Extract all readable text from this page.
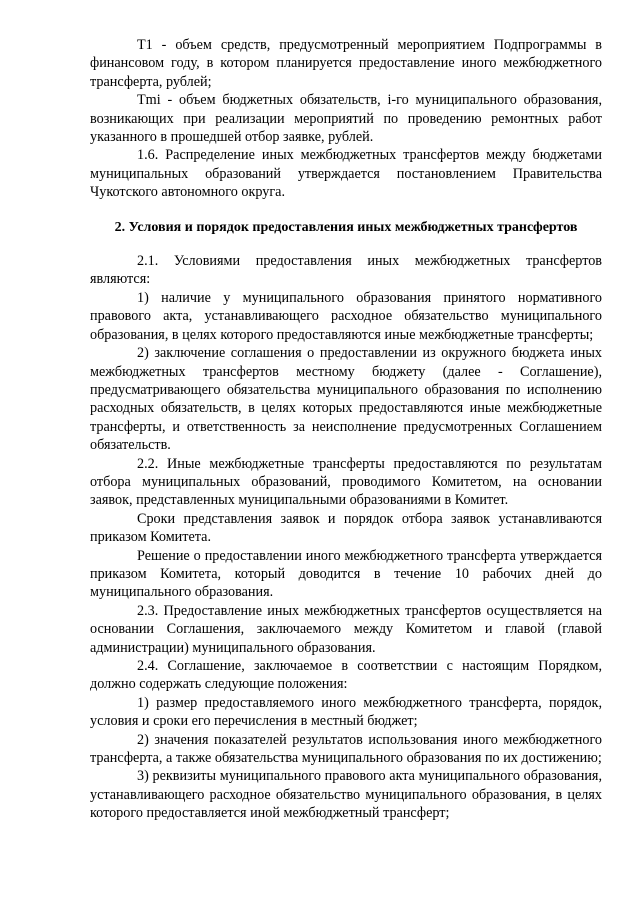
T1 - объем средств, предусмотренный мероприятием Подпрограммы в финансовом году, в котором планируется предоставление иного межбюджетного трансферта, рублей;

Tmi - объем бюджетных обязательств, i-го муниципального образования, возникающих при реализации мероприятий по проведению ремонтных работ указанного в прошедшей отбор заявке, рублей.

1.6. Распределение иных межбюджетных трансфертов между бюджетами муниципальных образований утверждается постановлением Правительства Чукотского автономного округа.

2. Условия и порядок предоставления иных межбюджетных трансфертов

2.1. Условиями предоставления иных межбюджетных трансфертов являются:

1) наличие у муниципального образования принятого нормативного правового акта, устанавливающего расходное обязательство муниципального образования, в целях которого предоставляются иные межбюджетные трансферты;

2) заключение соглашения о предоставлении из окружного бюджета иных межбюджетных трансфертов местному бюджету (далее - Соглашение), предусматривающего обязательства муниципального образования по исполнению расходных обязательств, в целях которых предоставляются иные межбюджетные трансферты, и ответственность за неисполнение предусмотренных Соглашением обязательств.

2.2. Иные межбюджетные трансферты предоставляются по результатам отбора муниципальных образований, проводимого Комитетом, на основании заявок, представленных муниципальными образованиями в Комитет.

Сроки представления заявок и порядок отбора заявок устанавливаются приказом Комитета.

Решение о предоставлении иного межбюджетного трансферта утверждается приказом Комитета, который доводится в течение 10 рабочих дней до муниципального образования.

2.3. Предоставление иных межбюджетных трансфертов осуществляется на основании Соглашения, заключаемого между Комитетом и главой (главой администрации) муниципального образования.

2.4. Соглашение, заключаемое в соответствии с настоящим Порядком, должно содержать следующие положения:

1) размер предоставляемого иного межбюджетного трансферта, порядок, условия и сроки его перечисления в местный бюджет;

2) значения показателей результатов использования иного межбюджетного трансферта, а также обязательства муниципального образования по их достижению;

3) реквизиты муниципального правового акта муниципального образования, устанавливающего расходное обязательство муниципального образования, в целях которого предоставляется иной межбюджетный трансферт;
